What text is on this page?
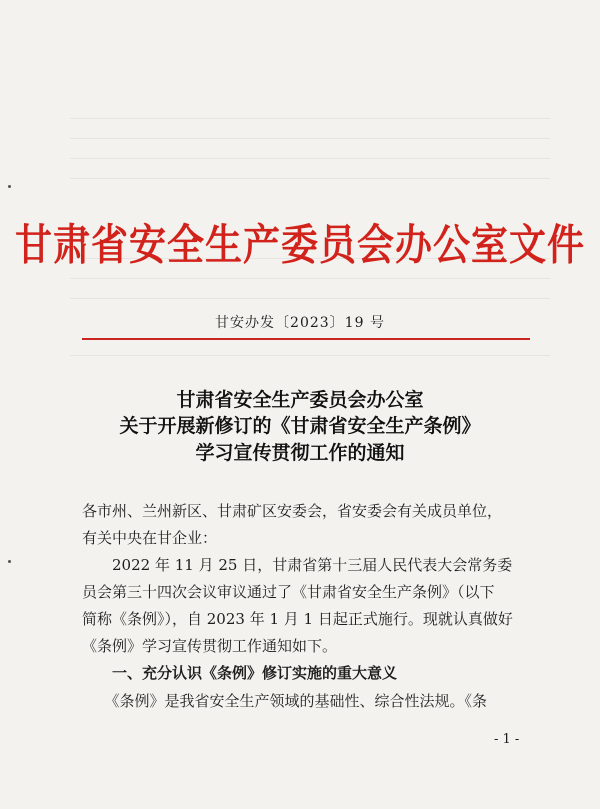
甘肃省安全生产委员会办公室文件
甘安办发〔2023〕19 号
甘肃省安全生产委员会办公室
关于开展新修订的《甘肃省安全生产条例》
学习宣传贯彻工作的通知
各市州、兰州新区、甘肃矿区安委会，省安委会有关成员单位，
有关中央在甘企业：
　　2022 年 11 月 25 日，甘肃省第十三届人民代表大会常务委
员会第三十四次会议审议通过了《甘肃省安全生产条例》（以下
简称《条例》），自 2023 年 1 月 1 日起正式施行。现就认真做好
《条例》学习宣传贯彻工作通知如下。
　　一、充分认识《条例》修订实施的重大意义
　　《条例》是我省安全生产领域的基础性、综合性法规。《条
- 1 -
